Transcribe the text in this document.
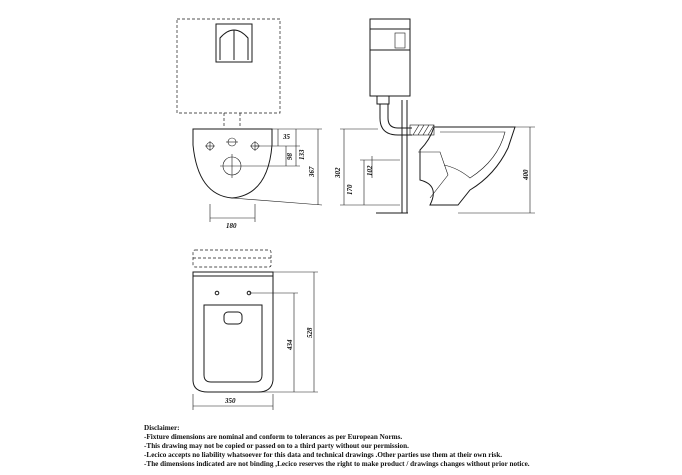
35
133
98
367
180
302
170
102	400
434
528
350
Disclaimer:
-Fixture dimensions are nominal and conform to tolerances as per European Norms.
-This drawing may not be copied or passed on to a third party without our permission.
-Lecico accepts no liability whatsoever for this data and technical drawings .Other parties use them at their own risk.
-The dimensions indicated are not binding ,Lecico reserves the right to make product / drawings changes without prior notice.
